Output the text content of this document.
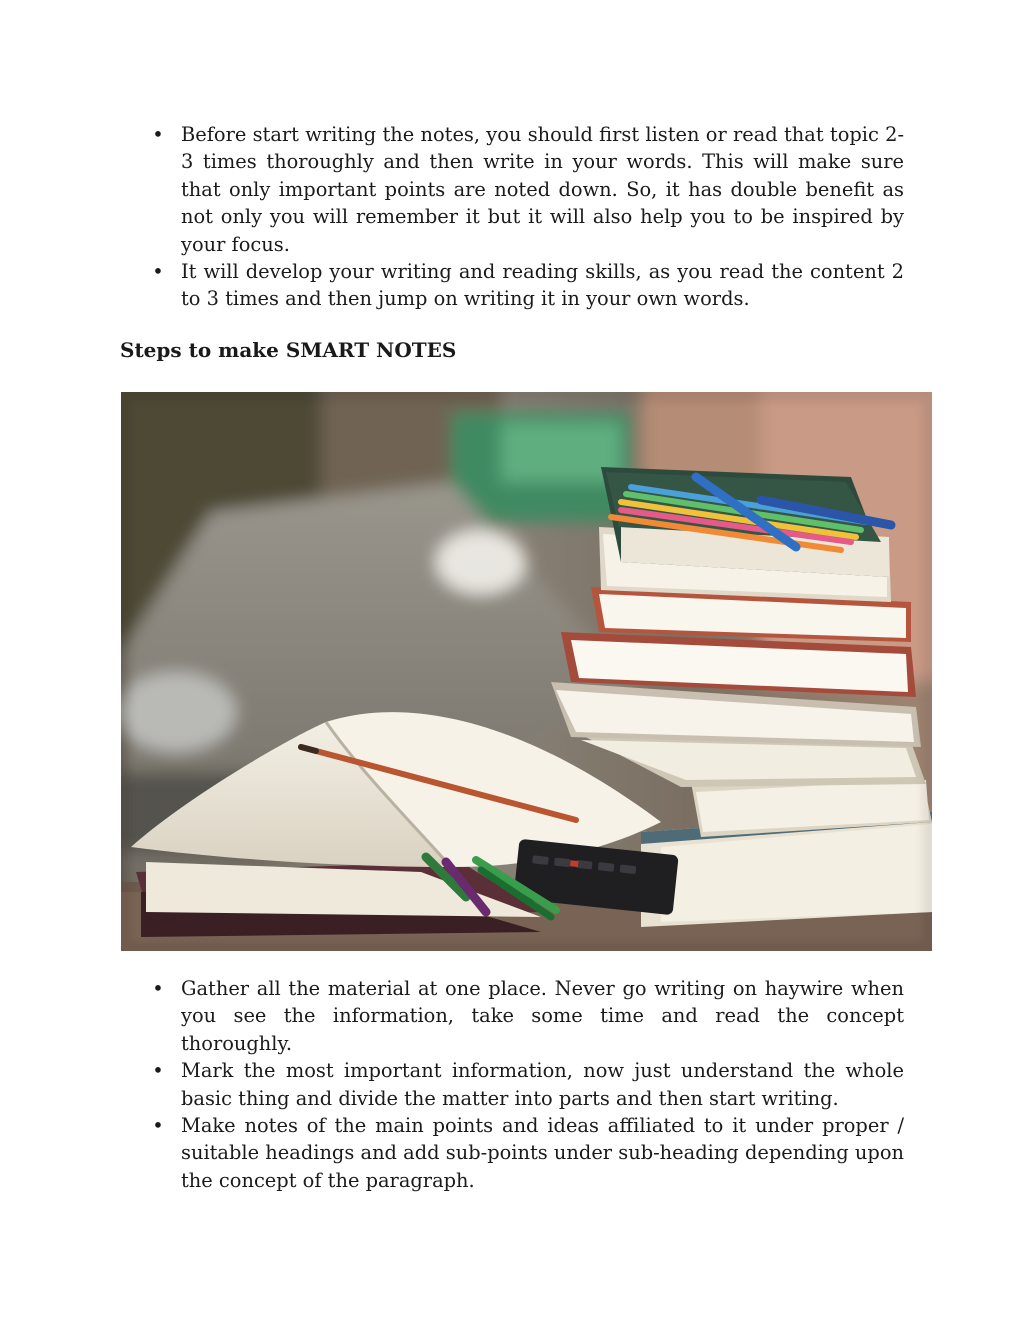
• Before start writing the notes, you should first listen or read that topic 2-3 times thoroughly and then write in your words. This will make sure that only important points are noted down. So, it has double benefit as not only you will remember it but it will also help you to be inspired by your focus.
• It will develop your writing and reading skills, as you read the content 2 to 3 times and then jump on writing it in your own words.
Steps to make SMART NOTES
• Gather all the material at one place. Never go writing on haywire when you see the information, take some time and read the concept thoroughly.
• Mark the most important information, now just understand the whole basic thing and divide the matter into parts and then start writing.
• Make notes of the main points and ideas affiliated to it under proper / suitable headings and add sub-points under sub-heading depending upon the concept of the paragraph.
